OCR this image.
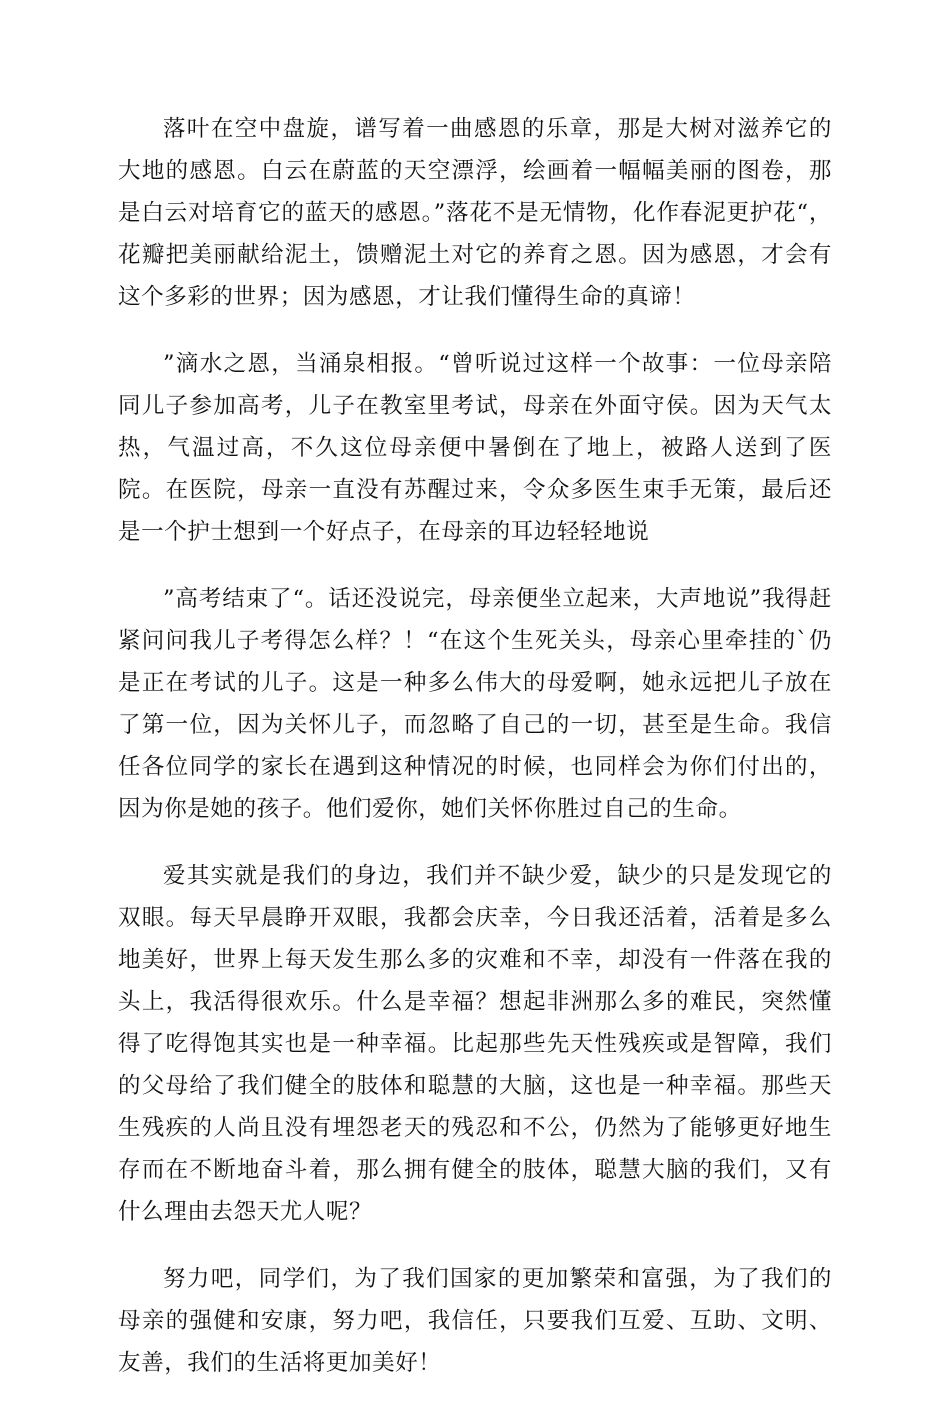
落叶在空中盘旋，谱写着一曲感恩的乐章，那是大树对滋养它的大地的感恩。白云在蔚蓝的天空漂浮，绘画着一幅幅美丽的图卷，那是白云对培育它的蓝天的感恩。”落花不是无情物，化作春泥更护花“，花瓣把美丽献给泥土，馈赠泥土对它的养育之恩。因为感恩，才会有这个多彩的世界；因为感恩，才让我们懂得生命的真谛！

”滴水之恩，当涌泉相报。“曾听说过这样一个故事：一位母亲陪同儿子参加高考，儿子在教室里考试，母亲在外面守侯。因为天气太热，气温过高，不久这位母亲便中暑倒在了地上，被路人送到了医院。在医院，母亲一直没有苏醒过来，令众多医生束手无策，最后还是一个护士想到一个好点子，在母亲的耳边轻轻地说

”高考结束了“。话还没说完，母亲便坐立起来，大声地说”我得赶紧问问我儿子考得怎么样？！“在这个生死关头，母亲心里牵挂的`仍是正在考试的儿子。这是一种多么伟大的母爱啊，她永远把儿子放在了第一位，因为关怀儿子，而忽略了自己的一切，甚至是生命。我信任各位同学的家长在遇到这种情况的时候，也同样会为你们付出的，因为你是她的孩子。他们爱你，她们关怀你胜过自己的生命。

爱其实就是我们的身边，我们并不缺少爱，缺少的只是发现它的双眼。每天早晨睁开双眼，我都会庆幸，今日我还活着，活着是多么地美好，世界上每天发生那么多的灾难和不幸，却没有一件落在我的头上，我活得很欢乐。什么是幸福？想起非洲那么多的难民，突然懂得了吃得饱其实也是一种幸福。比起那些先天性残疾或是智障，我们的父母给了我们健全的肢体和聪慧的大脑，这也是一种幸福。那些天生残疾的人尚且没有埋怨老天的残忍和不公，仍然为了能够更好地生存而在不断地奋斗着，那么拥有健全的肢体，聪慧大脑的我们，又有什么理由去怨天尤人呢？

努力吧，同学们，为了我们国家的更加繁荣和富强，为了我们的母亲的强健和安康，努力吧，我信任，只要我们互爱、互助、文明、友善，我们的生活将更加美好！
